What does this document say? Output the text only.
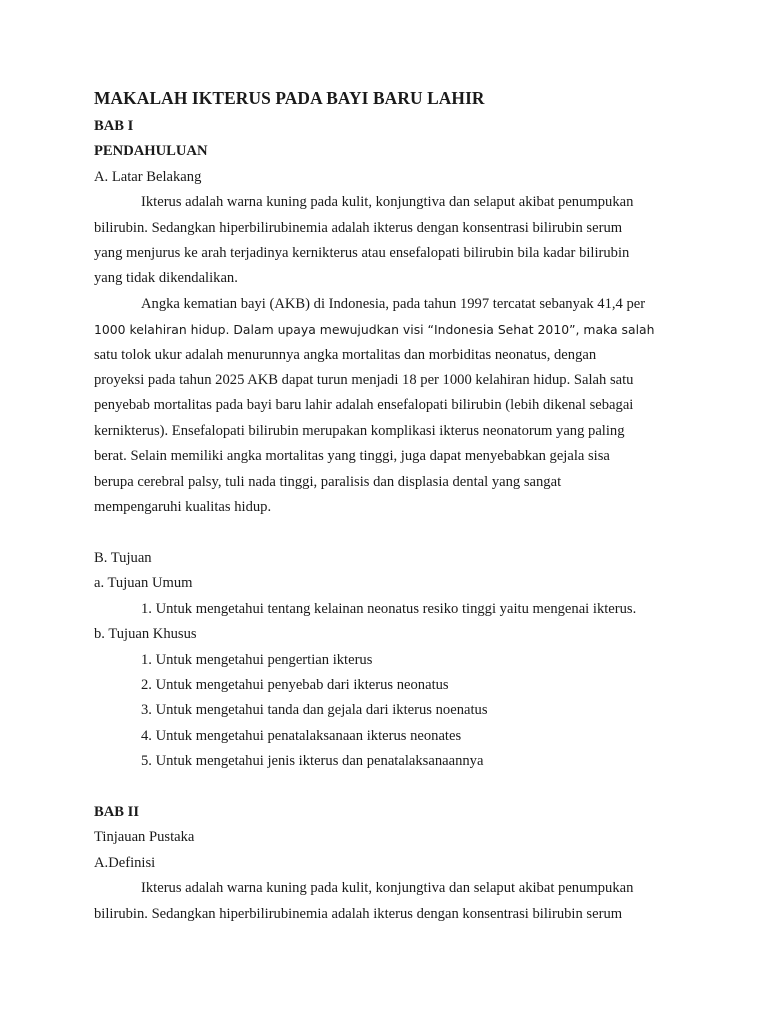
MAKALAH IKTERUS PADA BAYI BARU LAHIR
BAB I
PENDAHULUAN
A. Latar Belakang
Ikterus adalah warna kuning pada kulit, konjungtiva dan selaput akibat penumpukan
bilirubin. Sedangkan hiperbilirubinemia adalah ikterus dengan konsentrasi bilirubin serum
yang menjurus ke arah terjadinya kernikterus atau ensefalopati bilirubin bila kadar bilirubin
yang tidak dikendalikan.
Angka kematian bayi (AKB) di Indonesia, pada tahun 1997 tercatat sebanyak 41,4 per
1000 kelahiran hidup. Dalam upaya mewujudkan visi “Indonesia Sehat 2010”, maka salah
satu tolok ukur adalah menurunnya angka mortalitas dan morbiditas neonatus, dengan
proyeksi pada tahun 2025 AKB dapat turun menjadi 18 per 1000 kelahiran hidup. Salah satu
penyebab mortalitas pada bayi baru lahir adalah ensefalopati bilirubin (lebih dikenal sebagai
kernikterus). Ensefalopati bilirubin merupakan komplikasi ikterus neonatorum yang paling
berat. Selain memiliki angka mortalitas yang tinggi, juga dapat menyebabkan gejala sisa
berupa cerebral palsy, tuli nada tinggi, paralisis dan displasia dental yang sangat
mempengaruhi kualitas hidup.
B. Tujuan
a. Tujuan Umum
1. Untuk mengetahui tentang kelainan neonatus resiko tinggi yaitu mengenai ikterus.
b. Tujuan Khusus
1. Untuk mengetahui pengertian ikterus
2. Untuk mengetahui penyebab dari ikterus neonatus
3. Untuk mengetahui tanda dan gejala dari ikterus noenatus
4. Untuk mengetahui penatalaksanaan ikterus neonates
5. Untuk mengetahui jenis ikterus dan penatalaksanaannya
BAB II
Tinjauan Pustaka
A.Definisi
Ikterus adalah warna kuning pada kulit, konjungtiva dan selaput akibat penumpukan
bilirubin. Sedangkan hiperbilirubinemia adalah ikterus dengan konsentrasi bilirubin serum
